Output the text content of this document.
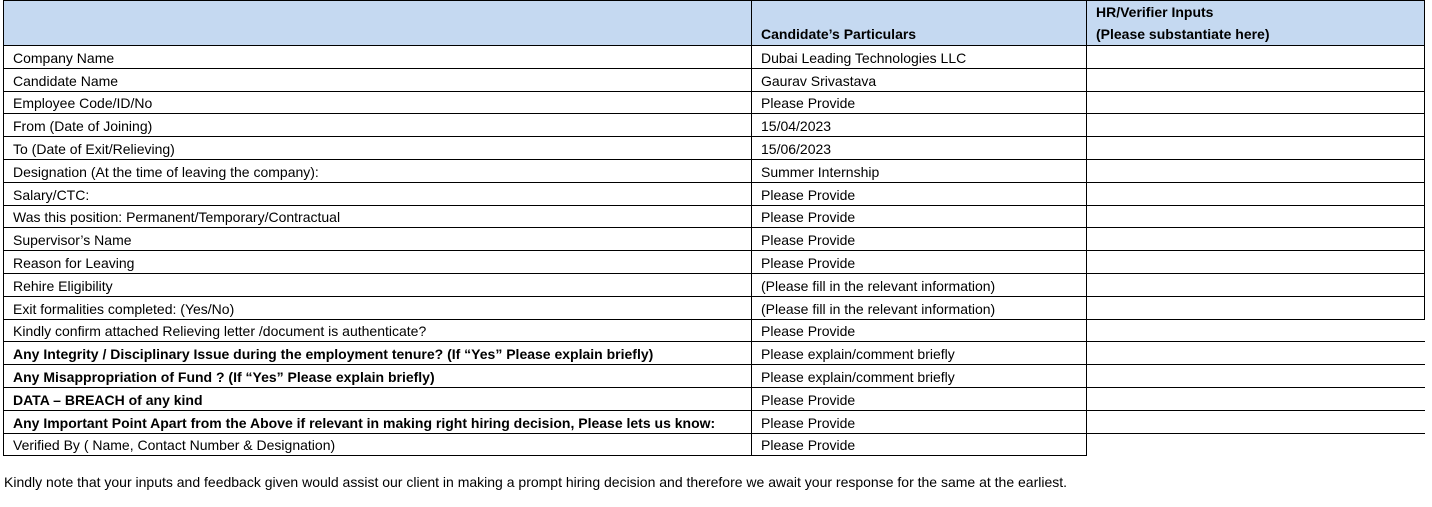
	Candidate’s Particulars	HR/Verifier Inputs
(Please substantiate here)

Company Name	Dubai Leading Technologies LLC	
Candidate Name	Gaurav Srivastava	
Employee Code/ID/No	Please Provide	
From (Date of Joining)	15/04/2023	
To (Date of Exit/Relieving)	15/06/2023	
Designation (At the time of leaving the company):	Summer Internship	
Salary/CTC:	Please Provide	
Was this position: Permanent/Temporary/Contractual	Please Provide	
Supervisor’s Name	Please Provide	
Reason for Leaving	Please Provide	
Rehire Eligibility	(Please fill in the relevant information)	
Exit formalities completed: (Yes/No)	(Please fill in the relevant information)	
Kindly confirm attached Relieving letter /document is authenticate?	Please Provide	
Any Integrity / Disciplinary Issue during the employment tenure? (If “Yes” Please explain briefly)	Please explain/comment briefly	
Any Misappropriation of Fund ? (If “Yes” Please explain briefly)	Please explain/comment briefly	
DATA – BREACH of any kind	Please Provide	
Any Important Point Apart from the Above if relevant in making right hiring decision, Please lets us know:	Please Provide	
Verified By ( Name, Contact Number & Designation)	Please Provide	
Kindly note that your inputs and feedback given would assist our client in making a prompt hiring decision and therefore we await your response for the same at the earliest.
